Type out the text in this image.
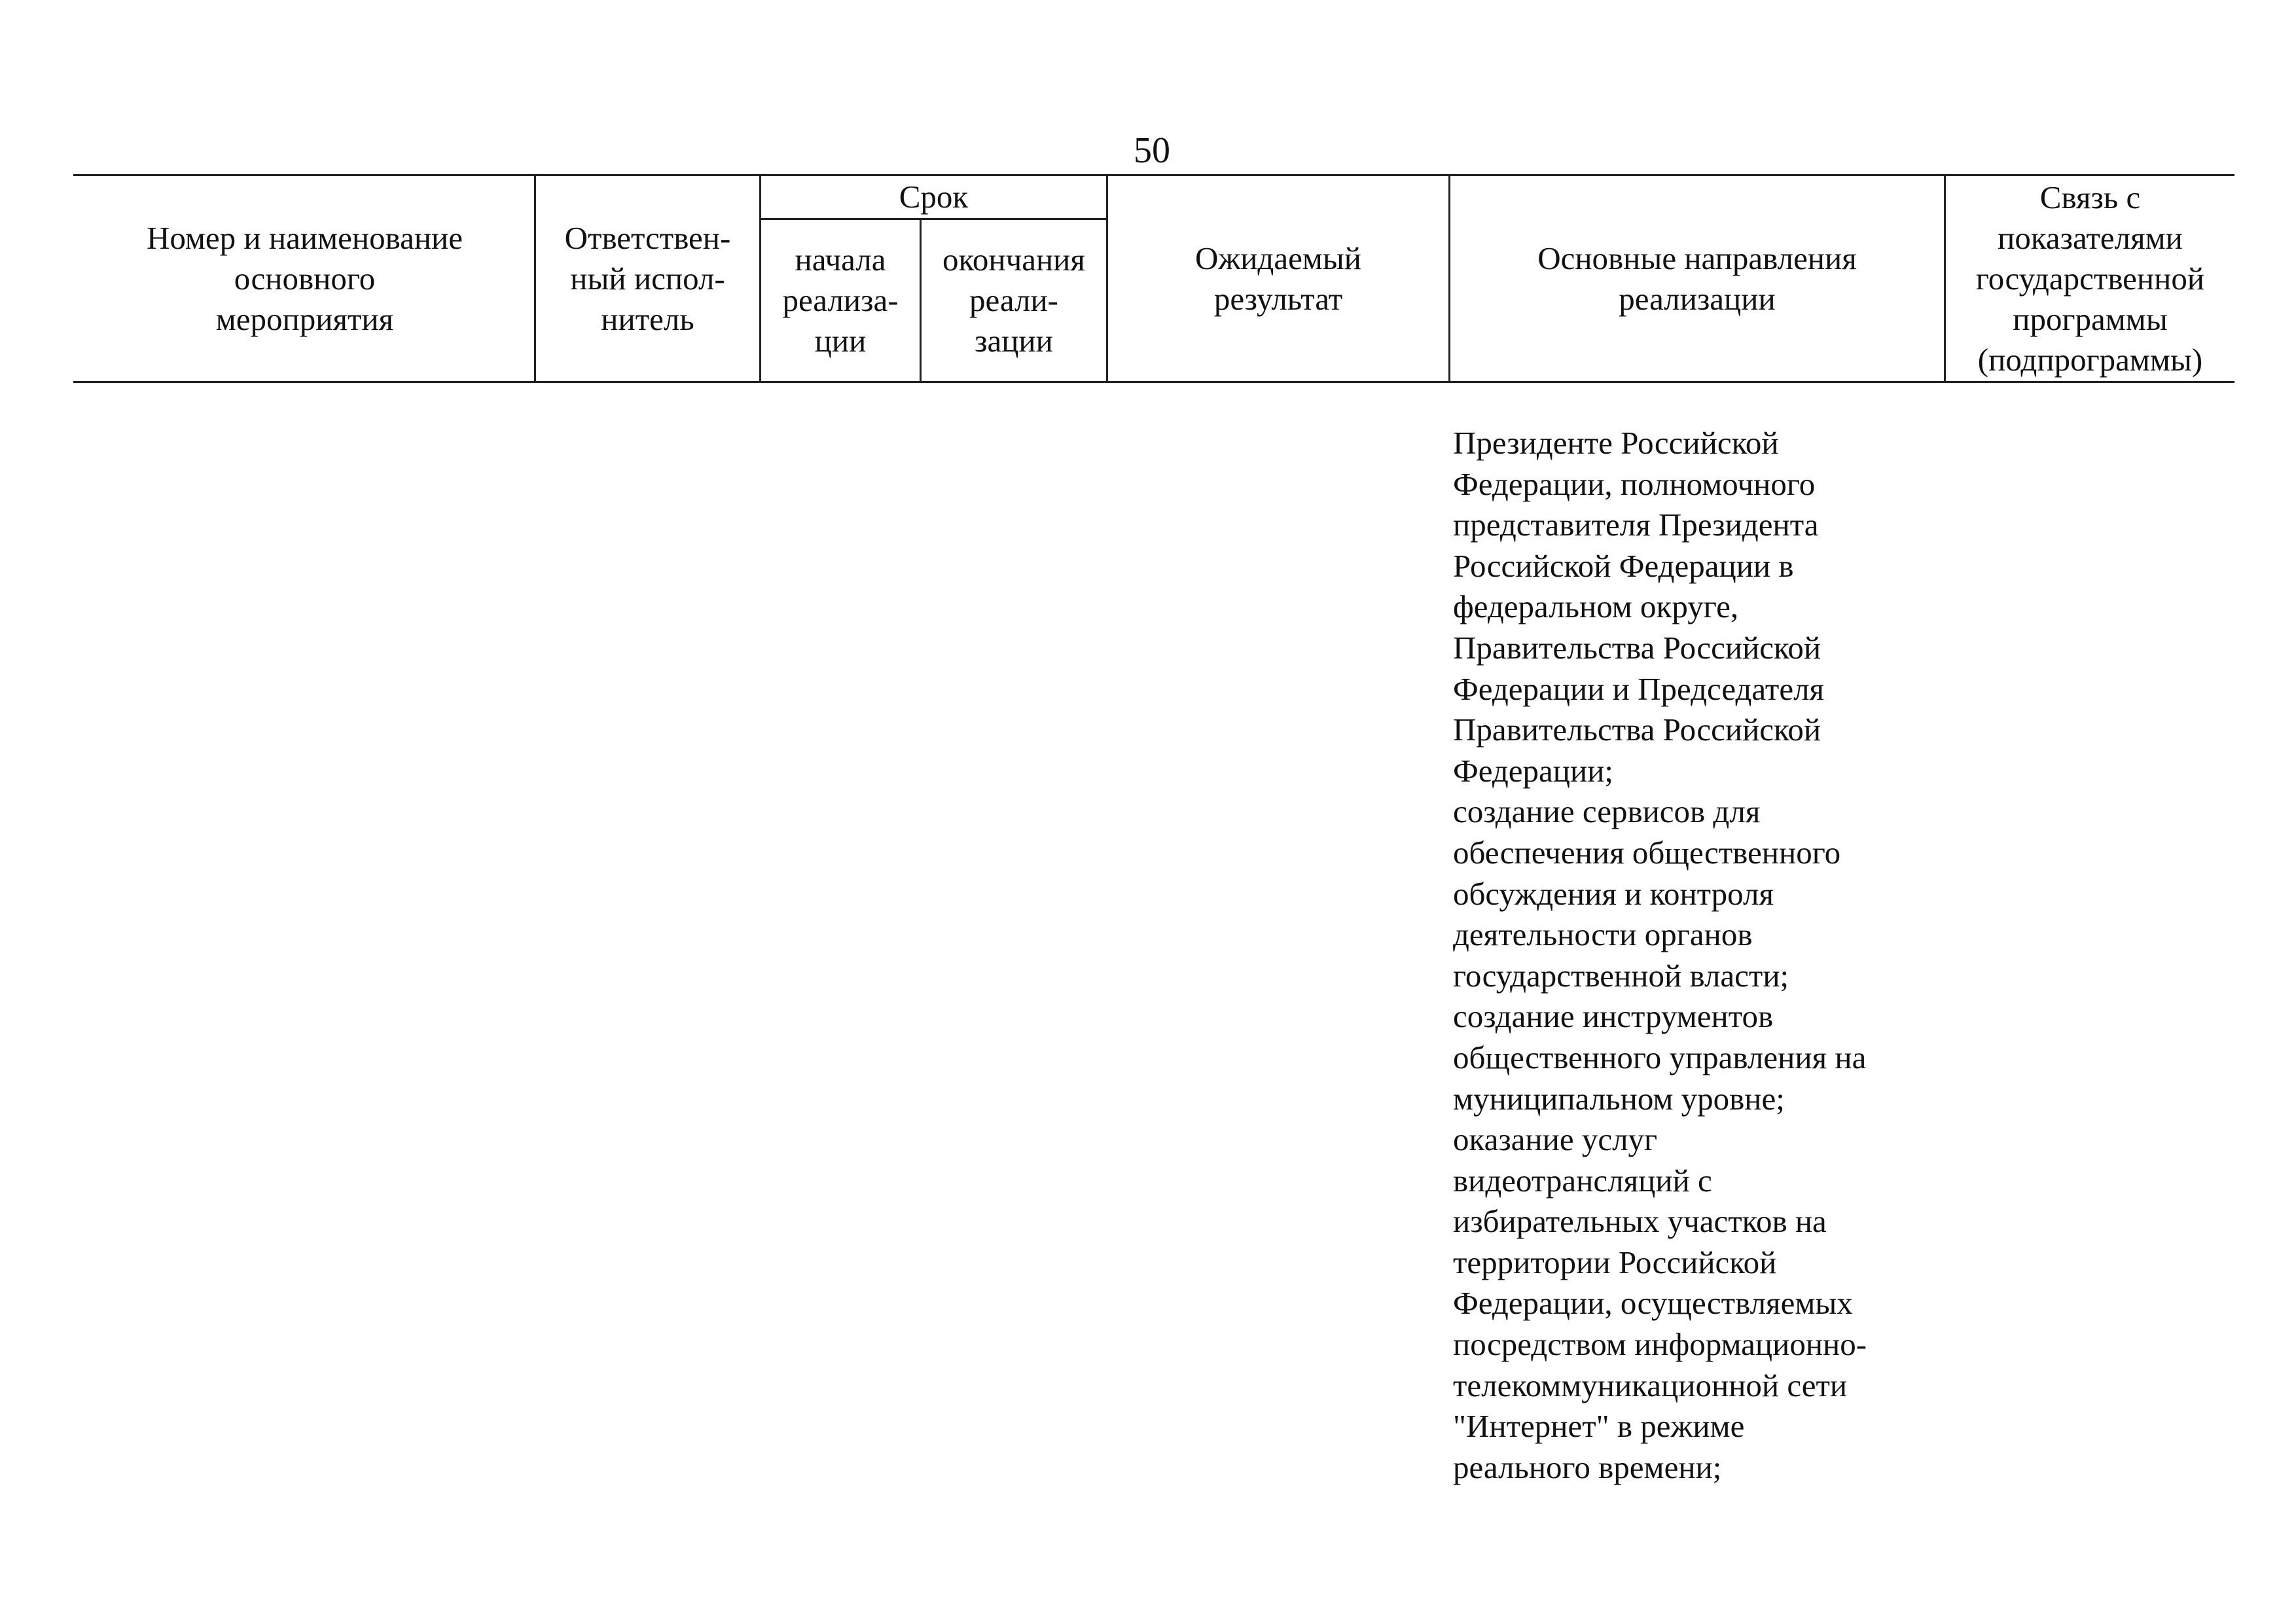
50
Номер и наименование
основного
мероприятия
Ответствен-
ный испол-
нитель
Срок
начала
реализа-
ции
окончания
реали-
зации
Ожидаемый
результат
Основные направления
реализации
Связь с
показателями
государственной
программы
(подпрограммы)
Президенте Российской
Федерации, полномочного
представителя Президента
Российской Федерации в
федеральном округе,
Правительства Российской
Федерации и Председателя
Правительства Российской
Федерации;
создание сервисов для
обеспечения общественного
обсуждения и контроля
деятельности органов
государственной власти;
создание инструментов
общественного управления на
муниципальном уровне;
оказание услуг
видеотрансляций с
избирательных участков на
территории Российской
Федерации, осуществляемых
посредством информационно-
телекоммуникационной сети
"Интернет" в режиме
реального времени;
